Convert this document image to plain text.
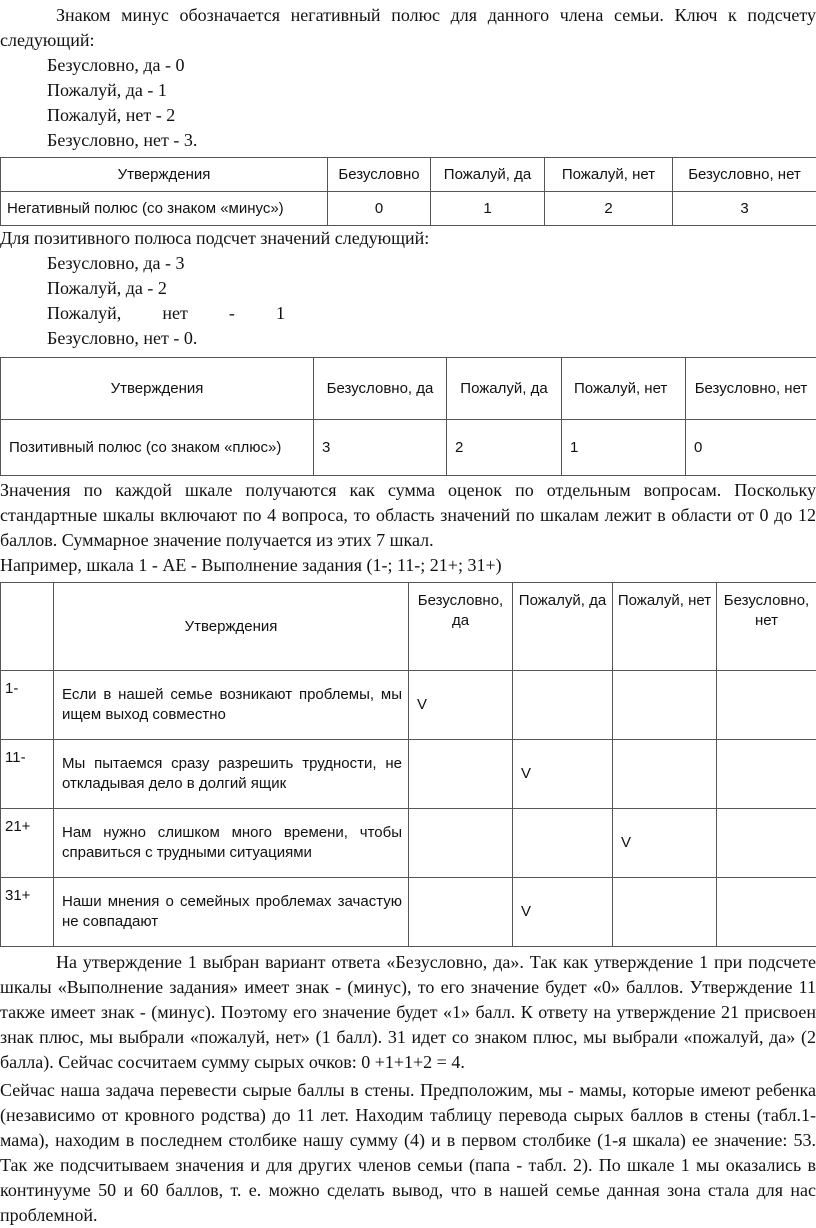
Знаком минус обозначается негативный полюс для данного члена семьи. Ключ к подсчету следующий:

Безусловно, да - 0

Пожалуй, да - 1

Пожалуй, нет - 2

Безусловно, нет - 3.

Утверждения	Безусловно	Пожалуй, да	Пожалуй, нет	Безусловно, нет
Негативный полюс (со знаком «минус»)	0	1	2	3

Для позитивного полюса подсчет значений следующий:

Безусловно, да - 3

Пожалуй, да - 2

Пожалуй, нет - 1

Безусловно, нет - 0.

Утверждения	Безусловно, да	Пожалуй, да	Пожалуй, нет	Безусловно, нет
Позитивный полюс (со знаком «плюс»)	3	2	1	0

Значения по каждой шкале получаются как сумма оценок по отдельным вопросам. Поскольку стандартные шкалы включают по 4 вопроса, то область значений по шкалам лежит в области от 0 до 12 баллов. Суммарное значение получается из этих 7 шкал.

Например, шкала 1 - АЕ - Выполнение задания (1-; 11-; 21+; 31+)

	Утверждения	Безусловно, да	Пожалуй, да	Пожалуй, нет	Безусловно, нет
1-	Если в нашей семье возникают проблемы, мы ищем выход совместно	V			
11-	Мы пытаемся сразу разрешить трудности, не откладывая дело в долгий ящик		V		
21+	Нам нужно слишком много времени, чтобы справиться с трудными ситуациями			V	
31+	Наши мнения о семейных проблемах зачастую не совпадают		V		

На утверждение 1 выбран вариант ответа «Безусловно, да». Так как утверждение 1 при подсчете шкалы «Выполнение задания» имеет знак - (минус), то его значение будет «0» баллов. Утверждение 11 также имеет знак - (минус). Поэтому его значение будет «1» балл. К ответу на утверждение 21 присвоен знак плюс, мы выбрали «пожалуй, нет» (1 балл). 31 идет со знаком плюс, мы выбрали «пожалуй, да» (2 балла). Сейчас сосчитаем сумму сырых очков: 0 +1+1+2 = 4.

Сейчас наша задача перевести сырые баллы в стены. Предположим, мы - мамы, которые имеют ребенка (независимо от кровного родства) до 11 лет. Находим таблицу перевода сырых баллов в стены (табл.1- мама), находим в последнем столбике нашу сумму (4) и в первом столбике (1-я шкала) ее значение: 53. Так же подсчитываем значения и для других членов семьи (папа - табл. 2). По шкале 1 мы оказались в континууме 50 и 60 баллов, т. е. можно сделать вывод, что в нашей семье данная зона стала для нас проблемной.
